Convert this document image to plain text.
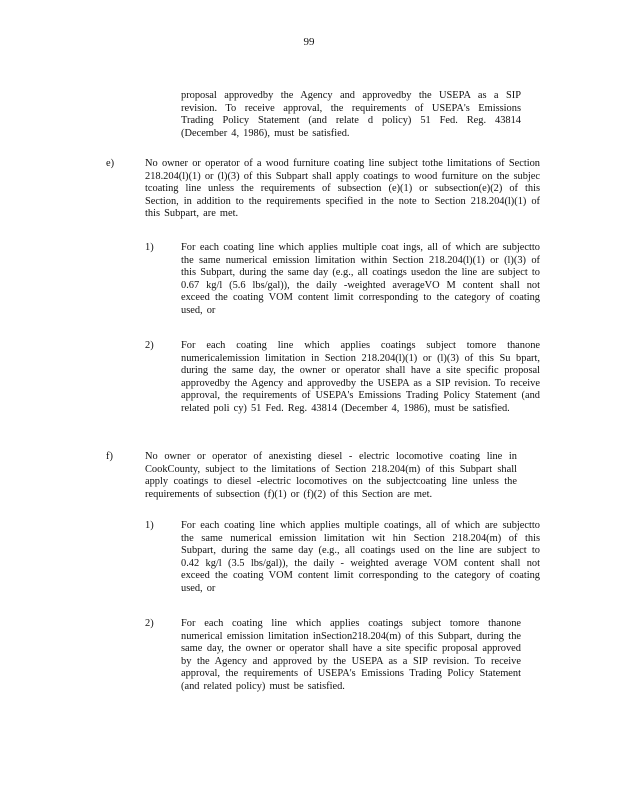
99
proposal approvedby the Agency and approvedby the USEPA as a SIP revision. To receive approval, the requirements of USEPA's Emissions Trading Policy Statement (and relate d policy) 51 Fed. Reg. 43814 (December 4, 1986), must be satisfied.
e)	No owner or operator of a wood furniture coating line subject tothe limitations of Section 218.204(l)(1) or (l)(3) of this Subpart shall apply coatings to wood furniture on the subjec tcoating line unless the requirements of subsection (e)(1) or subsection(e)(2) of this Section, in addition to the requirements specified in the note to Section 218.204(l)(1) of this Subpart, are met.
1)	For each coating line which applies multiple coat ings, all of which are subjectto the same numerical emission limitation within Section 218.204(l)(1) or (l)(3) of this Subpart, during the same day (e.g., all coatings usedon the line are subject to 0.67 kg/l (5.6 lbs/gal)), the daily -weighted averageVO M content shall not exceed the coating VOM content limit corresponding to the category of coating used, or
2)	For each coating line which applies coatings subject tomore thanone numericalemission limitation in Section 218.204(l)(1) or (l)(3) of this Su bpart, during the same day, the owner or operator shall have a site specific proposal approvedby the Agency and approvedby the USEPA as a SIP revision. To receive approval, the requirements of USEPA's Emissions Trading Policy Statement (and related poli cy) 51 Fed. Reg. 43814 (December 4, 1986), must be satisfied.
f)	No owner or operator of anexisting diesel - electric locomotive coating line in CookCounty, subject to the limitations of Section 218.204(m) of this Subpart shall apply coatings to diesel -electric locomotives on the subjectcoating line unless the requirements of subsection (f)(1) or (f)(2) of this Section are met.
1)	For each coating line which applies multiple coatings, all of which are subjectto the same numerical emission limitation wit hin Section 218.204(m) of this Subpart, during the same day (e.g., all coatings used on the line are subject to 0.42 kg/l (3.5 lbs/gal)), the daily - weighted average VOM content shall not exceed the coating VOM content limit corresponding to the category of coating used, or
2)	For each coating line which applies coatings subject tomore thanone numerical emission limitation inSection218.204(m) of this Subpart, during the same day, the owner or operator shall have a site specific proposal approved by the Agency and approved by the USEPA as a SIP revision. To receive approval, the requirements of USEPA's Emissions Trading Policy Statement (and related policy) must be satisfied.
